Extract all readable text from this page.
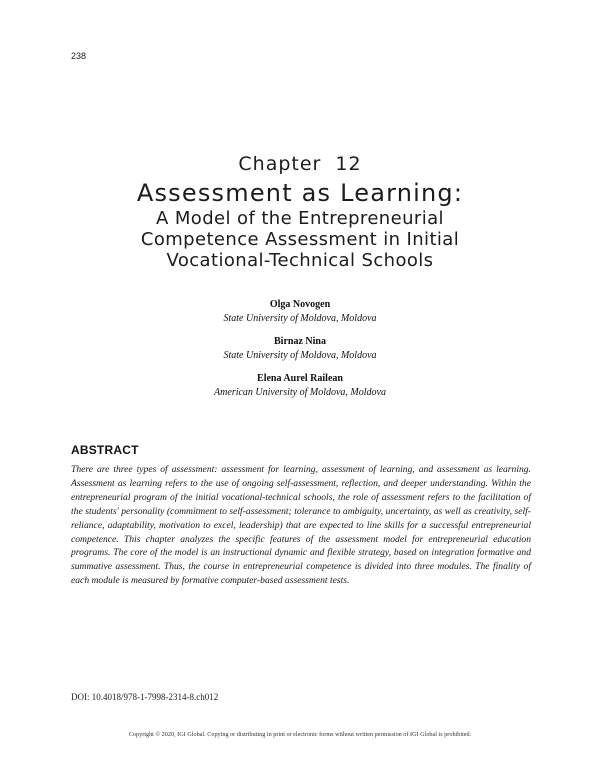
238
Chapter  12
Assessment as Learning:
A Model of the Entrepreneurial
Competence Assessment in Initial
Vocational-Technical Schools
Olga Novogen
State University of Moldova, Moldova
Birnaz Nina
State University of Moldova, Moldova
Elena Aurel Railean
American University of Moldova, Moldova
ABSTRACT

There are three types of assessment: assessment for learning, assessment of learning, and assessment as learning. Assessment as learning refers to the use of ongoing self-assessment, reflection, and deeper understanding. Within the entrepreneurial program of the initial vocational-technical schools, the role of assessment refers to the facilitation of the students' personality (commitment to self-assessment; tolerance to ambiguity, uncertainty, as well as creativity, self-reliance, adaptability, motivation to excel, leadership) that are expected to line skills for a successful entrepreneurial competence. This chapter analyzes the specific features of the assessment model for entrepreneurial education programs. The core of the model is an instructional dynamic and flexible strategy, based on integration formative and summative assessment. Thus, the course in entrepreneurial competence is divided into three modules. The finality of each module is measured by formative computer-based assessment tests.

DOI: 10.4018/978-1-7998-2314-8.ch012
Copyright © 2020, IGI Global. Copying or distributing in print or electronic forms without written permission of IGI Global is prohibited.
